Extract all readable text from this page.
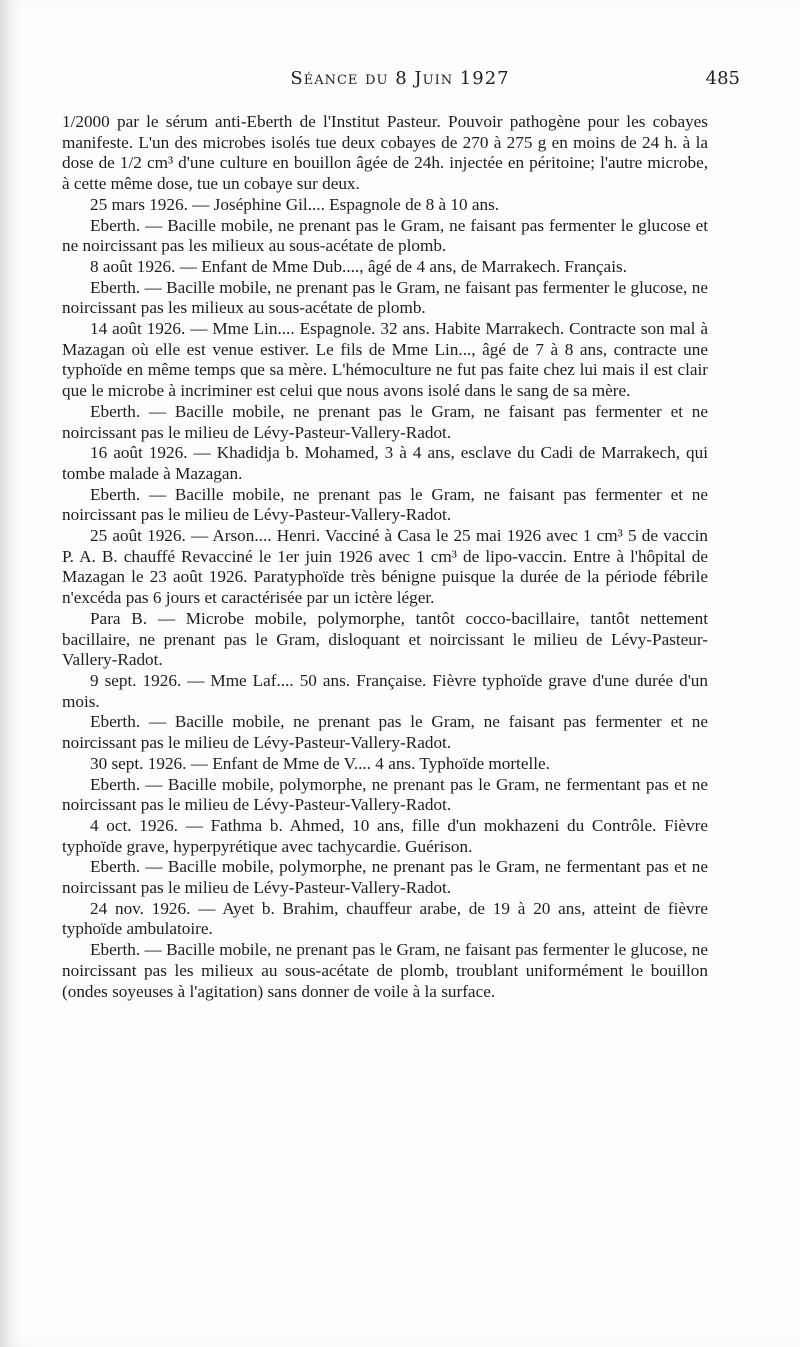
Séance du 8 Juin 1927	485

1/2000 par le sérum anti-Eberth de l'Institut Pasteur. Pouvoir pathogène pour les cobayes manifeste. L'un des microbes isolés tue deux cobayes de 270 à 275 g en moins de 24 h. à la dose de 1/2 cm³ d'une culture en bouillon âgée de 24h. injectée en péritoine; l'autre microbe, à cette même dose, tue un cobaye sur deux.

25 mars 1926. — Joséphine Gil.... Espagnole de 8 à 10 ans.

Eberth. — Bacille mobile, ne prenant pas le Gram, ne faisant pas fermenter le glucose et ne noircissant pas les milieux au sous-acétate de plomb.

8 août 1926. — Enfant de Mme Dub...., âgé de 4 ans, de Marrakech. Français.

Eberth. — Bacille mobile, ne prenant pas le Gram, ne faisant pas fermenter le glucose, ne noircissant pas les milieux au sous-acétate de plomb.

14 août 1926. — Mme Lin.... Espagnole. 32 ans. Habite Marrakech. Contracte son mal à Mazagan où elle est venue estiver. Le fils de Mme Lin..., âgé de 7 à 8 ans, contracte une typhoïde en même temps que sa mère. L'hémoculture ne fut pas faite chez lui mais il est clair que le microbe à incriminer est celui que nous avons isolé dans le sang de sa mère.

Eberth. — Bacille mobile, ne prenant pas le Gram, ne faisant pas fermenter et ne noircissant pas le milieu de Lévy-Pasteur-Vallery-Radot.

16 août 1926. — Khadidja b. Mohamed, 3 à 4 ans, esclave du Cadi de Marrakech, qui tombe malade à Mazagan.

Eberth. — Bacille mobile, ne prenant pas le Gram, ne faisant pas fermenter et ne noircissant pas le milieu de Lévy-Pasteur-Vallery-Radot.

25 août 1926. — Arson.... Henri. Vacciné à Casa le 25 mai 1926 avec 1 cm³ 5 de vaccin P. A. B. chauffé Revacciné le 1er juin 1926 avec 1 cm³ de lipo-vaccin. Entre à l'hôpital de Mazagan le 23 août 1926. Paratyphoïde très bénigne puisque la durée de la période fébrile n'excéda pas 6 jours et caractérisée par un ictère léger.

Para B. — Microbe mobile, polymorphe, tantôt cocco-bacillaire, tantôt nettement bacillaire, ne prenant pas le Gram, disloquant et noircissant le milieu de Lévy-Pasteur-Vallery-Radot.

9 sept. 1926. — Mme Laf.... 50 ans. Française. Fièvre typhoïde grave d'une durée d'un mois.

Eberth. — Bacille mobile, ne prenant pas le Gram, ne faisant pas fermenter et ne noircissant pas le milieu de Lévy-Pasteur-Vallery-Radot.

30 sept. 1926. — Enfant de Mme de V.... 4 ans. Typhoïde mortelle.

Eberth. — Bacille mobile, polymorphe, ne prenant pas le Gram, ne fermentant pas et ne noircissant pas le milieu de Lévy-Pasteur-Vallery-Radot.

4 oct. 1926. — Fathma b. Ahmed, 10 ans, fille d'un mokhazeni du Contrôle. Fièvre typhoïde grave, hyperpyrétique avec tachycardie. Guérison.

Eberth. — Bacille mobile, polymorphe, ne prenant pas le Gram, ne fermentant pas et ne noircissant pas le milieu de Lévy-Pasteur-Vallery-Radot.

24 nov. 1926. — Ayet b. Brahim, chauffeur arabe, de 19 à 20 ans, atteint de fièvre typhoïde ambulatoire.

Eberth. — Bacille mobile, ne prenant pas le Gram, ne faisant pas fermenter le glucose, ne noircissant pas les milieux au sous-acétate de plomb, troublant uniformément le bouillon (ondes soyeuses à l'agitation) sans donner de voile à la surface.
